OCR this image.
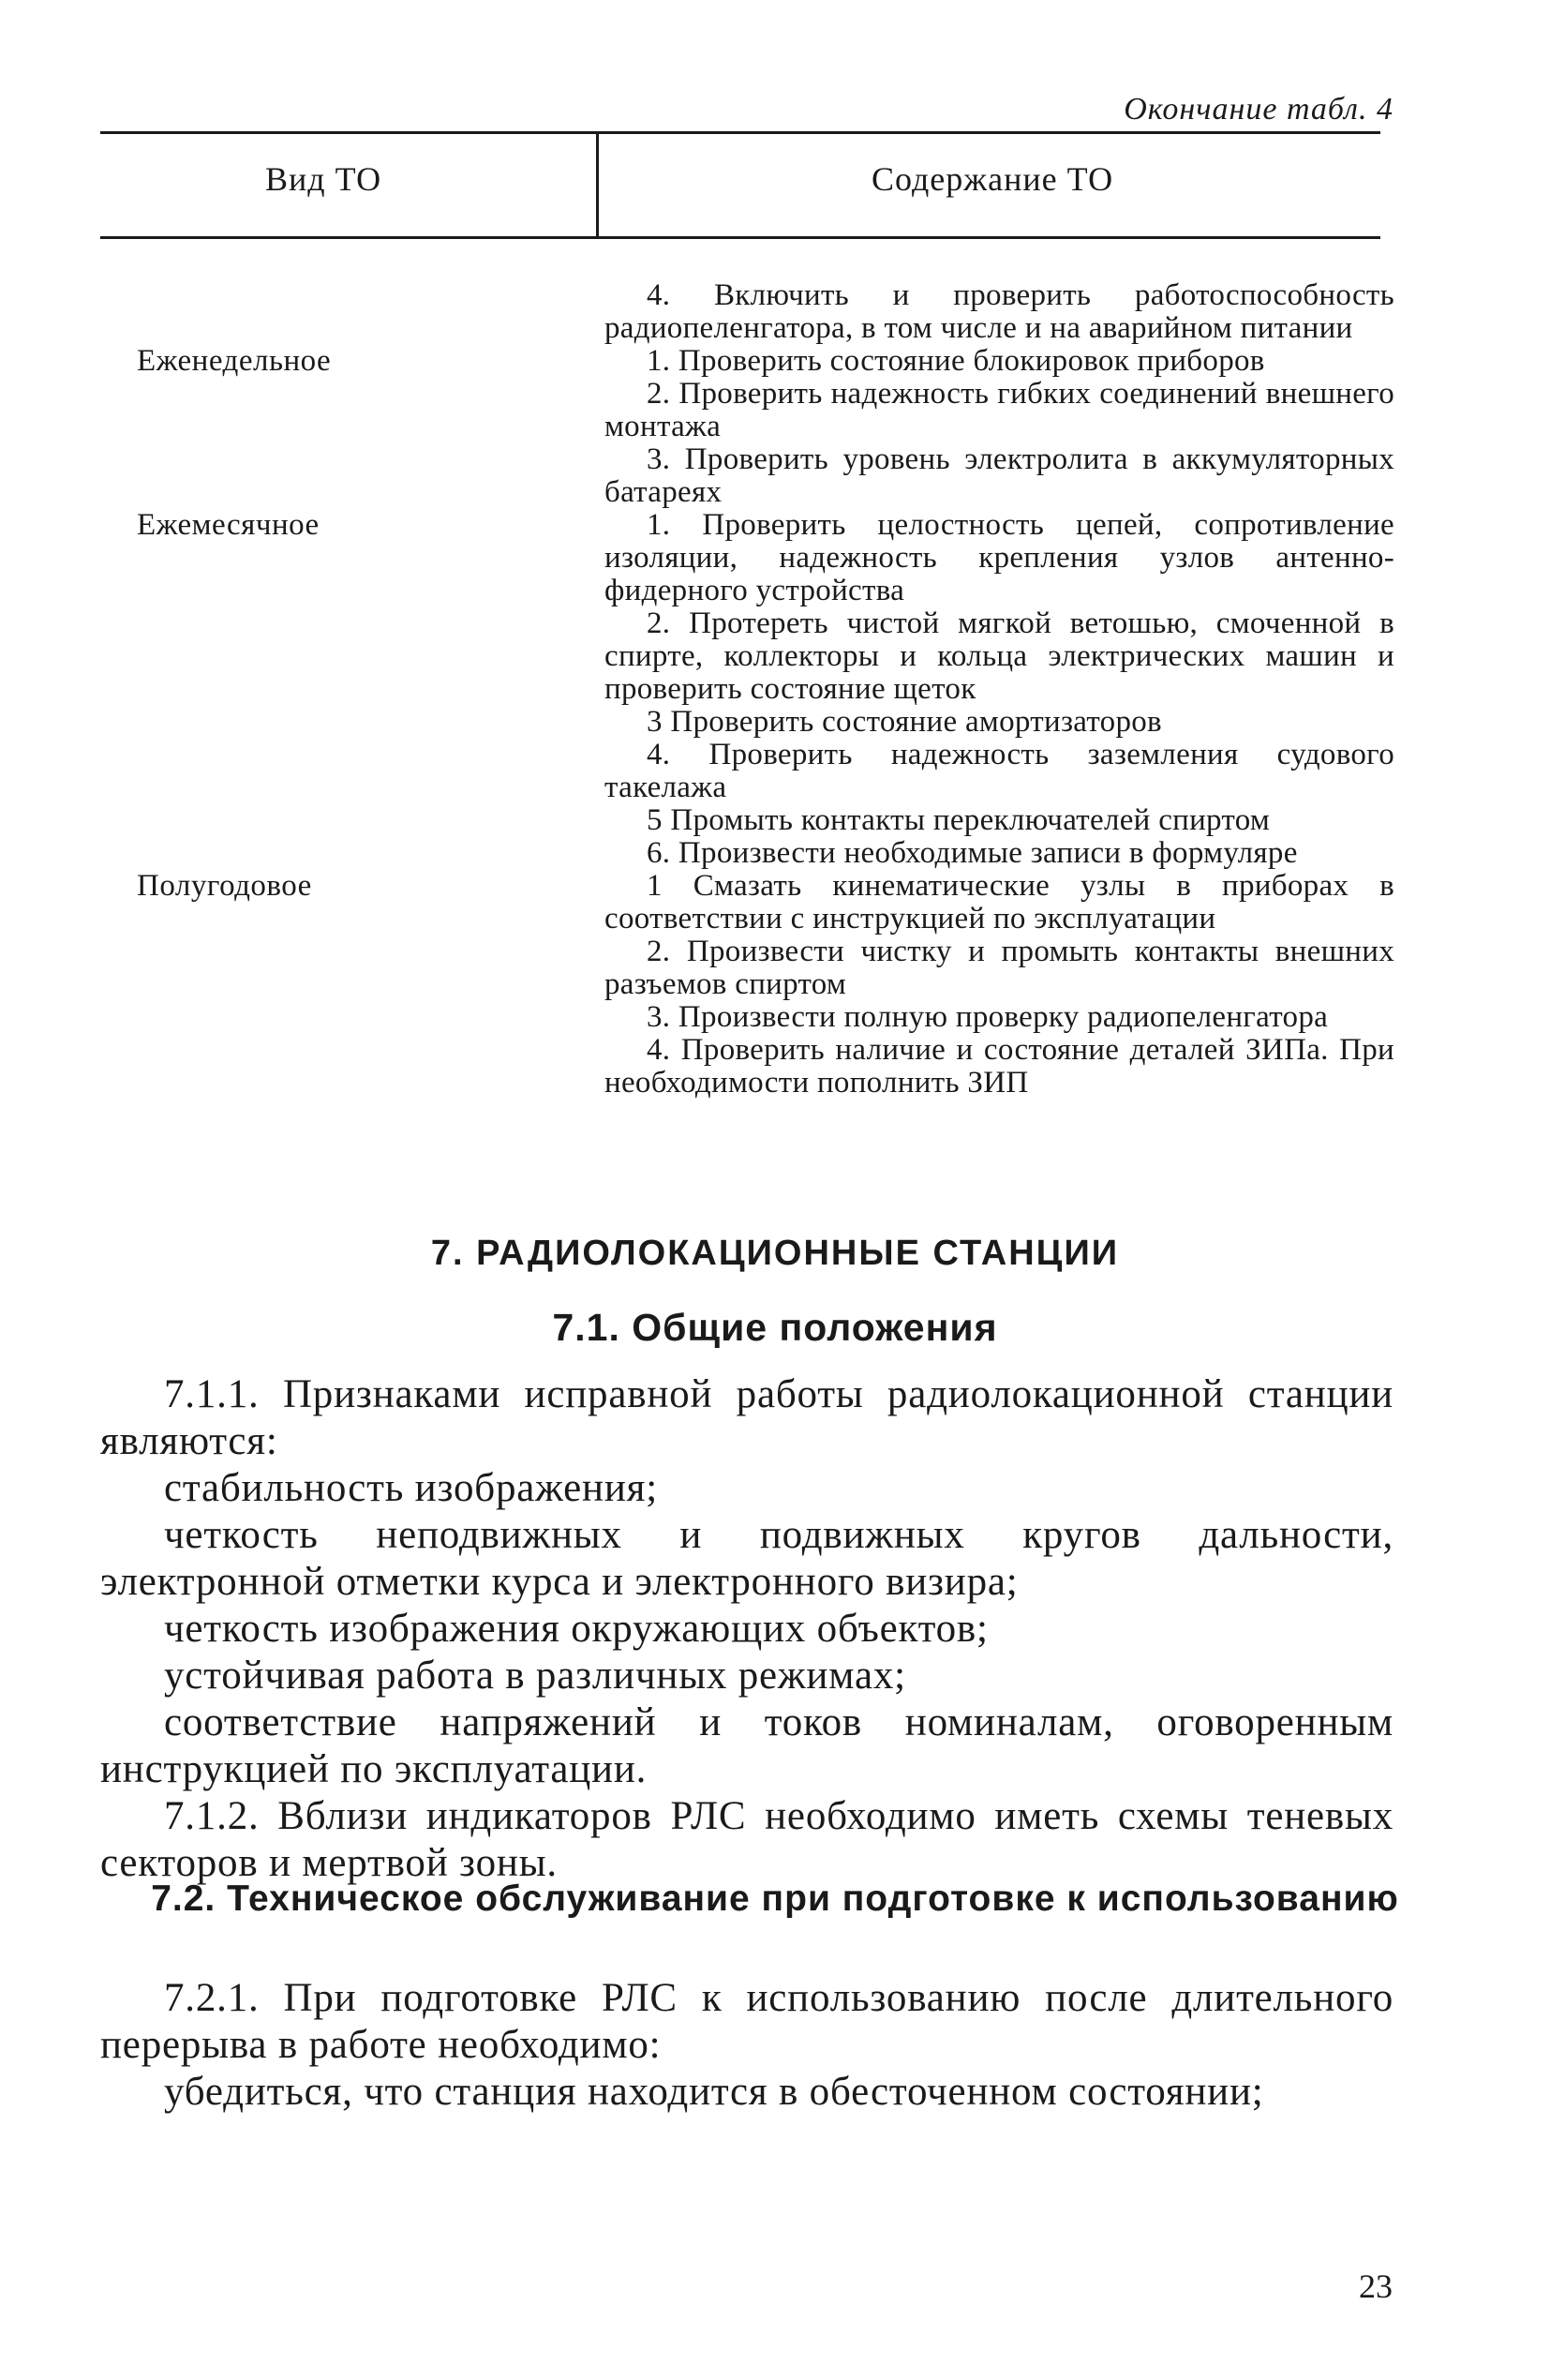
Окончание табл. 4
Вид ТО	Содержание ТО

4. Включить и проверить работоспособность радиопеленгатора, в том числе и на аварийном питании

Еженедельное	1. Проверить состояние блокировок приборов

2. Проверить надежность гибких соединений внешнего монтажа

3. Проверить уровень электролита в аккумуляторных батареях

Ежемесячное	1. Проверить целостность цепей, сопротивление изоляции, надежность крепления узлов антенно-фидерного устройства

2. Протереть чистой мягкой ветошью, смоченной в спирте, коллекторы и кольца электрических машин и проверить состояние щеток

3 Проверить состояние амортизаторов

4. Проверить надежность заземления судового такелажа

5 Промыть контакты переключателей спиртом

6. Произвести необходимые записи в формуляре

Полугодовое	1 Смазать кинематические узлы в приборах в соответствии с инструкцией по эксплуатации

2. Произвести чистку и промыть контакты внешних разъемов спиртом

3. Произвести полную проверку радиопеленгатора

4. Проверить наличие и состояние деталей ЗИПа. При необходимости пополнить ЗИП

7. РАДИОЛОКАЦИОННЫЕ СТАНЦИИ
7.1. Общие положения

7.1.1. Признаками исправной работы радиолокационной станции являются:

стабильность изображения;

четкость неподвижных и подвижных кругов дальности, электронной отметки курса и электронного визира;

четкость изображения окружающих объектов;

устойчивая работа в различных режимах;

соответствие напряжений и токов номиналам, оговоренным инструкцией по эксплуатации.

7.1.2. Вблизи индикаторов РЛС необходимо иметь схемы теневых секторов и мертвой зоны.

7.2. Техническое обслуживание при подготовке к использованию

7.2.1. При подготовке РЛС к использованию после длительного перерыва в работе необходимо:

убедиться, что станция находится в обесточенном состоянии;

23
